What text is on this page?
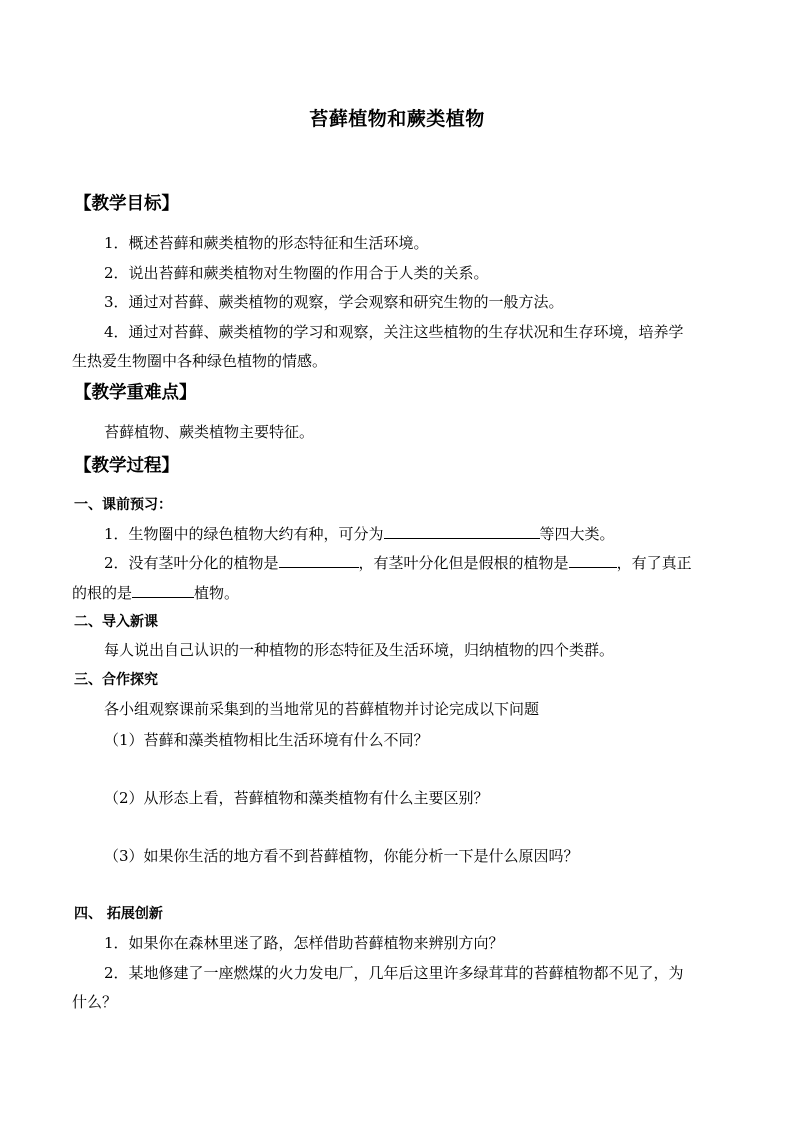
苔藓植物和蕨类植物
【教学目标】
1．概述苔藓和蕨类植物的形态特征和生活环境。
2．说出苔藓和蕨类植物对生物圈的作用合于人类的关系。
3．通过对苔藓、蕨类植物的观察，学会观察和研究生物的一般方法。
4．通过对苔藓、蕨类植物的学习和观察，关注这些植物的生存状况和生存环境，培养学
生热爱生物圈中各种绿色植物的情感。
【教学重难点】
苔藓植物、蕨类植物主要特征。
【教学过程】
一、课前预习：
1．生物圈中的绿色植物大约有种，可分为	等四大类。
2．没有茎叶分化的植物是	，有茎叶分化但是假根的植物是	，有了真正
的根的是	植物。
二、导入新课
每人说出自己认识的一种植物的形态特征及生活环境，归纳植物的四个类群。
三、合作探究
各小组观察课前采集到的当地常见的苔藓植物并讨论完成以下问题
（1）苔藓和藻类植物相比生活环境有什么不同？
（2）从形态上看，苔藓植物和藻类植物有什么主要区别？
（3）如果你生活的地方看不到苔藓植物，你能分析一下是什么原因吗？
四、 拓展创新
1．如果你在森林里迷了路，怎样借助苔藓植物来辨别方向？
2．某地修建了一座燃煤的火力发电厂，几年后这里许多绿茸茸的苔藓植物都不见了，为
什么？
